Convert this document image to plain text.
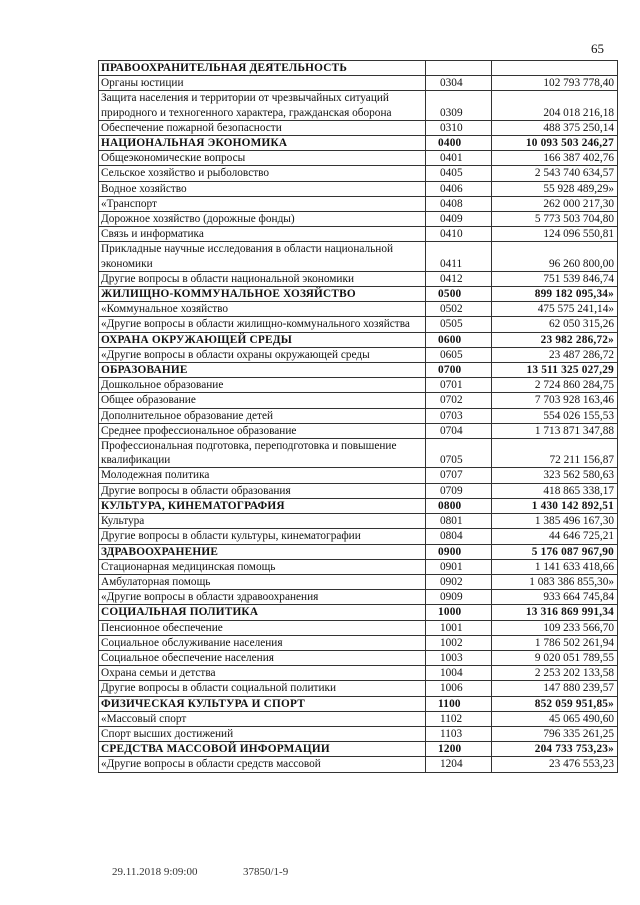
65
ПРАВООХРАНИТЕЛЬНАЯ ДЕЯТЕЛЬНОСТЬ		
Органы юстиции	0304	102 793 778,40
Защита населения и территории от чрезвычайных ситуаций природного и техногенного характера, гражданская оборона	0309	204 018 216,18
Обеспечение пожарной безопасности	0310	488 375 250,14
НАЦИОНАЛЬНАЯ ЭКОНОМИКА	0400	10 093 503 246,27
Общеэкономические вопросы	0401	166 387 402,76
Сельское хозяйство и рыболовство	0405	2 543 740 634,57
Водное хозяйство	0406	55 928 489,29»
«Транспорт	0408	262 000 217,30
Дорожное хозяйство (дорожные фонды)	0409	5 773 503 704,80
Связь и информатика	0410	124 096 550,81
Прикладные научные исследования в области национальной экономики	0411	96 260 800,00
Другие вопросы в области национальной экономики	0412	751 539 846,74
ЖИЛИЩНО-КОММУНАЛЬНОЕ ХОЗЯЙСТВО	0500	899 182 095,34»
«Коммунальное хозяйство	0502	475 575 241,14»
«Другие вопросы в области жилищно-коммунального хозяйства	0505	62 050 315,26
ОХРАНА ОКРУЖАЮЩЕЙ СРЕДЫ	0600	23 982 286,72»
«Другие вопросы в области охраны окружающей среды	0605	23 487 286,72
ОБРАЗОВАНИЕ	0700	13 511 325 027,29
Дошкольное образование	0701	2 724 860 284,75
Общее образование	0702	7 703 928 163,46
Дополнительное образование детей	0703	554 026 155,53
Среднее профессиональное образование	0704	1 713 871 347,88
Профессиональная подготовка, переподготовка и повышение квалификации	0705	72 211 156,87
Молодежная политика	0707	323 562 580,63
Другие вопросы в области образования	0709	418 865 338,17
КУЛЬТУРА, КИНЕМАТОГРАФИЯ	0800	1 430 142 892,51
Культура	0801	1 385 496 167,30
Другие вопросы в области культуры, кинематографии	0804	44 646 725,21
ЗДРАВООХРАНЕНИЕ	0900	5 176 087 967,90
Стационарная медицинская помощь	0901	1 141 633 418,66
Амбулаторная помощь	0902	1 083 386 855,30»
«Другие вопросы в области здравоохранения	0909	933 664 745,84
СОЦИАЛЬНАЯ ПОЛИТИКА	1000	13 316 869 991,34
Пенсионное обеспечение	1001	109 233 566,70
Социальное обслуживание населения	1002	1 786 502 261,94
Социальное обеспечение населения	1003	9 020 051 789,55
Охрана семьи и детства	1004	2 253 202 133,58
Другие вопросы в области социальной политики	1006	147 880 239,57
ФИЗИЧЕСКАЯ КУЛЬТУРА И СПОРТ	1100	852 059 951,85»
«Массовый спорт	1102	45 065 490,60
Спорт высших достижений	1103	796 335 261,25
СРЕДСТВА МАССОВОЙ ИНФОРМАЦИИ	1200	204 733 753,23»
«Другие вопросы в области средств массовой	1204	23 476 553,23
29.11.2018 9:09:00	37850/1-9
